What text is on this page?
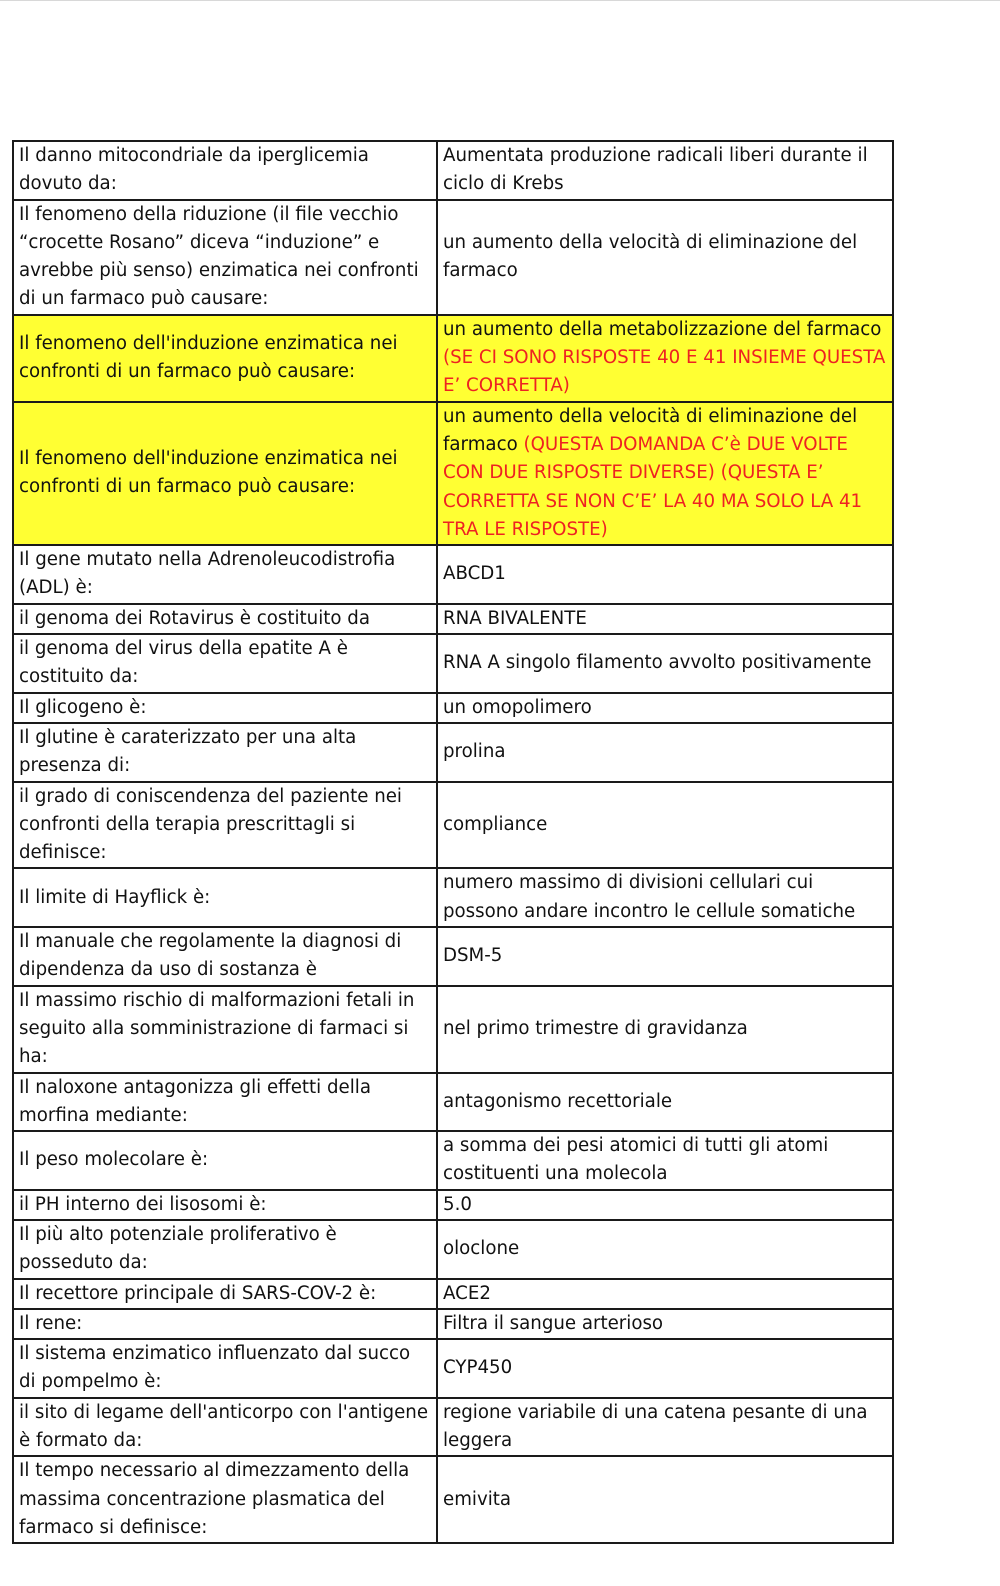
Il danno mitocondriale da iperglicemia dovuto da:	Aumentata produzione radicali liberi durante il ciclo di Krebs
Il fenomeno della riduzione (il file vecchio “crocette Rosano” diceva “induzione” e avrebbe più senso) enzimatica nei confronti di un farmaco può causare:	un aumento della velocità di eliminazione del farmaco
Il fenomeno dell'induzione enzimatica nei confronti di un farmaco può causare:	un aumento della metabolizzazione del farmaco (SE CI SONO RISPOSTE 40 E 41 INSIEME QUESTA E’ CORRETTA)
Il fenomeno dell'induzione enzimatica nei confronti di un farmaco può causare:	un aumento della velocità di eliminazione del farmaco (QUESTA DOMANDA C’è DUE VOLTE CON DUE RISPOSTE DIVERSE) (QUESTA E’ CORRETTA SE NON C’E’ LA 40 MA SOLO LA 41 TRA LE RISPOSTE)
Il gene mutato nella Adrenoleucodistrofia (ADL) è:	ABCD1
il genoma dei Rotavirus è costituito da	RNA BIVALENTE
il genoma del virus della epatite A è costituito da:	RNA A singolo filamento avvolto positivamente
Il glicogeno è:	un omopolimero
Il glutine è caraterizzato per una alta presenza di:	prolina
il grado di coniscendenza del paziente nei confronti della terapia prescrittagli si definisce:	compliance
Il limite di Hayflick è:	numero massimo di divisioni cellulari cui possono andare incontro le cellule somatiche
Il manuale che regolamente la diagnosi di dipendenza da uso di sostanza è	DSM-5
Il massimo rischio di malformazioni fetali in seguito alla somministrazione di farmaci si ha:	nel primo trimestre di gravidanza
Il naloxone antagonizza gli effetti della morfina mediante:	antagonismo recettoriale
Il peso molecolare è:	a somma dei pesi atomici di tutti gli atomi costituenti una molecola
il PH interno dei lisosomi è:	5.0
Il più alto potenziale proliferativo è posseduto da:	oloclone
Il recettore principale di SARS-COV-2 è:	ACE2
Il rene:	Filtra il sangue arterioso
Il sistema enzimatico influenzato dal succo di pompelmo è:	CYP450
il sito di legame dell'anticorpo con l'antigene è formato da:	regione variabile di una catena pesante di una leggera
Il tempo necessario al dimezzamento della massima concentrazione plasmatica del farmaco si definisce:	emivita
